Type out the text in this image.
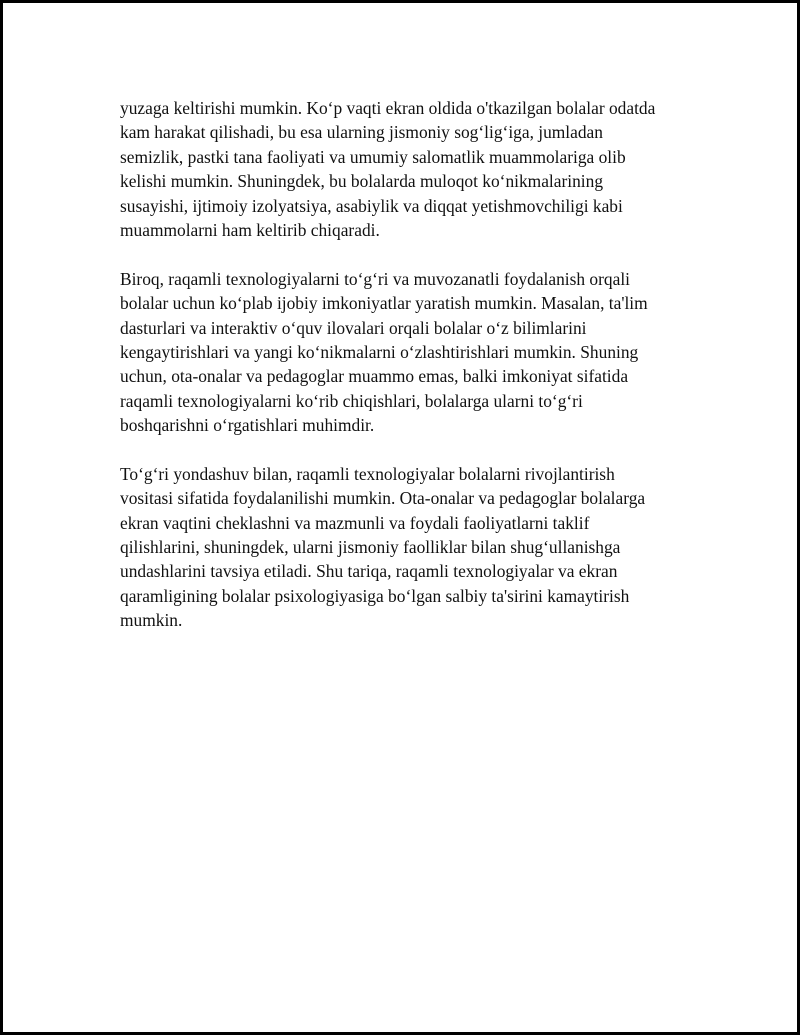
yuzaga keltirishi mumkin. Ko‘p vaqti ekran oldida o'tkazilgan bolalar odatda
kam harakat qilishadi, bu esa ularning jismoniy sog‘lig‘iga, jumladan
semizlik, pastki tana faoliyati va umumiy salomatlik muammolariga olib
kelishi mumkin. Shuningdek, bu bolalarda muloqot ko‘nikmalarining
susayishi, ijtimoiy izolyatsiya, asabiylik va diqqat yetishmovchiligi kabi
muammolarni ham keltirib chiqaradi.
Biroq, raqamli texnologiyalarni to‘g‘ri va muvozanatli foydalanish orqali
bolalar uchun ko‘plab ijobiy imkoniyatlar yaratish mumkin. Masalan, ta'lim
dasturlari va interaktiv o‘quv ilovalari orqali bolalar o‘z bilimlarini
kengaytirishlari va yangi ko‘nikmalarni o‘zlashtirishlari mumkin. Shuning
uchun, ota-onalar va pedagoglar muammo emas, balki imkoniyat sifatida
raqamli texnologiyalarni ko‘rib chiqishlari, bolalarga ularni to‘g‘ri
boshqarishni o‘rgatishlari muhimdir.
To‘g‘ri yondashuv bilan, raqamli texnologiyalar bolalarni rivojlantirish
vositasi sifatida foydalanilishi mumkin. Ota-onalar va pedagoglar bolalarga
ekran vaqtini cheklashni va mazmunli va foydali faoliyatlarni taklif
qilishlarini, shuningdek, ularni jismoniy faolliklar bilan shug‘ullanishga
undashlarini tavsiya etiladi. Shu tariqa, raqamli texnologiyalar va ekran
qaramligining bolalar psixologiyasiga bo‘lgan salbiy ta'sirini kamaytirish
mumkin.
